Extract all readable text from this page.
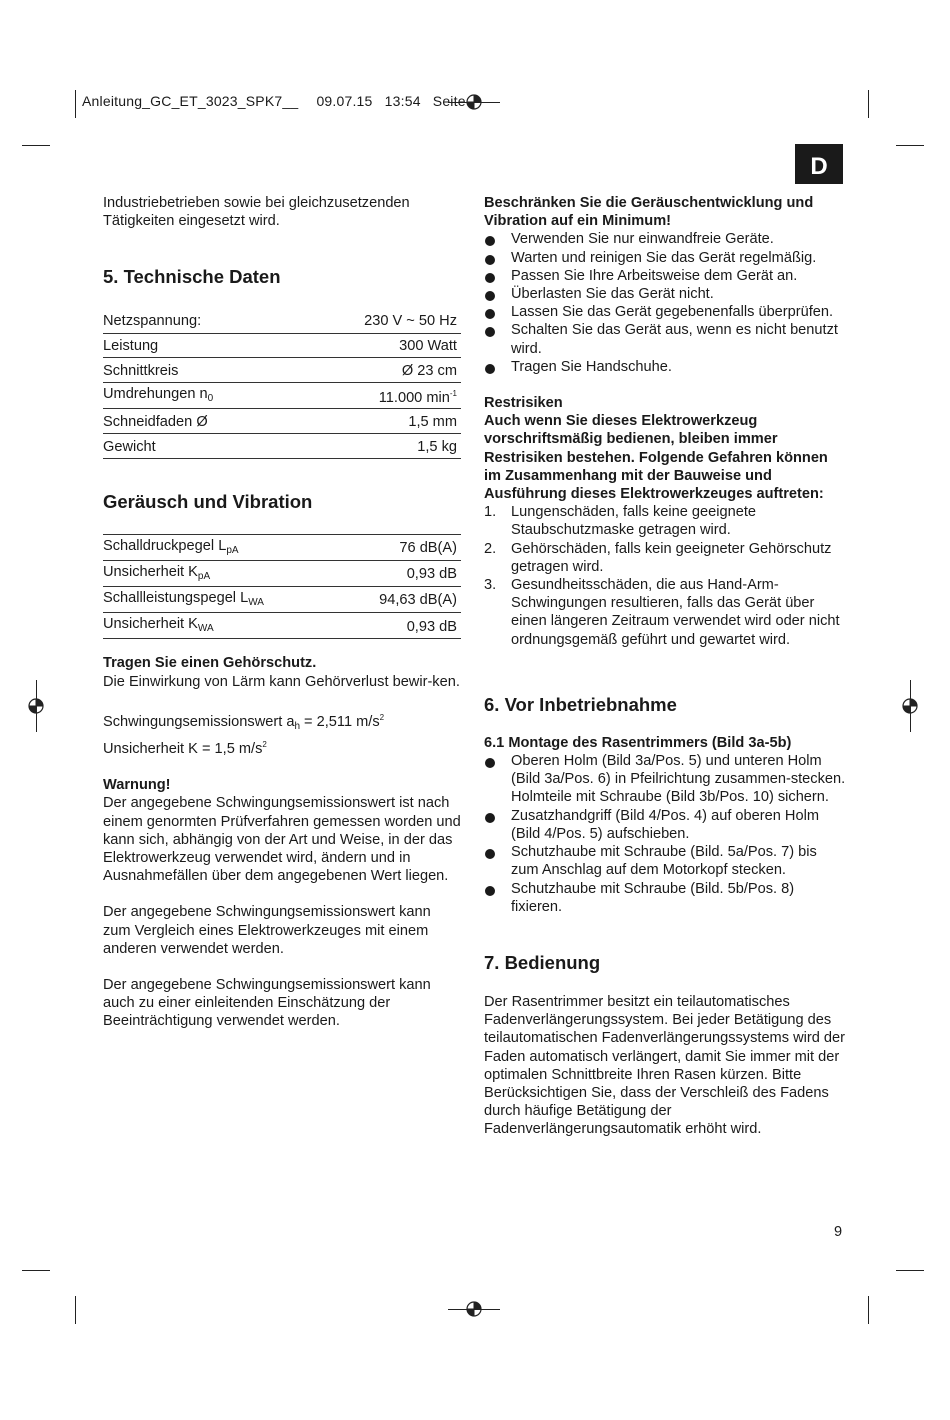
Anleitung_GC_ET_3023_SPK7__ 09.07.15 13:54 Seite
D

Industriebetrieben sowie bei gleichzusetzenden Tätigkeiten eingesetzt wird.

5. Technische Daten
Netzspannung:	230 V ~ 50 Hz
Leistung	300 Watt
Schnittkreis	Ø 23 cm
Umdrehungen $n_0$	11.000 $\min^{-1}$
Schneidfaden Ø	1,5 mm
Gewicht	1,5 kg
Geräusch und Vibration
Schalldruckpegel $L_{pA}$	76 dB(A)
Unsicherheit $K_{pA}$	0,93 dB
Schallleistungspegel $L_{WA}$	94,63 dB(A)
Unsicherheit $K_{WA}$	0,93 dB

Tragen Sie einen Gehörschutz.

Die Einwirkung von Lärm kann Gehörverlust bewir-ken.

Schwingungsemissionswert $a_h = 2,511$ $m/s^2$

Unsicherheit K = 1,5 $m/s^2$

Warnung!

Der angegebene Schwingungsemissionswert ist nach einem genormten Prüfverfahren gemessen worden und kann sich, abhängig von der Art und Weise, in der das Elektrowerkzeug verwendet wird, ändern und in Ausnahmefällen über dem angegebenen Wert liegen.

Der angegebene Schwingungsemissionswert kann zum Vergleich eines Elektrowerkzeuges mit einem anderen verwendet werden.

Der angegebene Schwingungsemissionswert kann auch zu einer einleitenden Einschätzung der Beeinträchtigung verwendet werden.

Beschränken Sie die Geräuschentwicklung und Vibration auf ein Minimum!

Verwenden Sie nur einwandfreie Geräte.
Warten und reinigen Sie das Gerät regelmäßig.
Passen Sie Ihre Arbeitsweise dem Gerät an.
Überlasten Sie das Gerät nicht.
Lassen Sie das Gerät gegebenenfalls überprüfen.
Schalten Sie das Gerät aus, wenn es nicht benutzt wird.
Tragen Sie Handschuhe.

Restrisiken

Auch wenn Sie dieses Elektrowerkzeug vorschriftsmäßig bedienen, bleiben immer Restrisiken bestehen. Folgende Gefahren können im Zusammenhang mit der Bauweise und Ausführung dieses Elektrowerkzeuges auftreten:

1. Lungenschäden, falls keine geeignete Staubschutzmaske getragen wird.
2. Gehörschäden, falls kein geeigneter Gehörschutz getragen wird.
3. Gesundheitsschäden, die aus Hand-Arm-Schwingungen resultieren, falls das Gerät über einen längeren Zeitraum verwendet wird oder nicht ordnungsgemäß geführt und gewartet wird.
6. Vor Inbetriebnahme

6.1 Montage des Rasentrimmers (Bild 3a-5b)

Oberen Holm (Bild 3a/Pos. 5) und unteren Holm (Bild 3a/Pos. 6) in Pfeilrichtung zusammen-stecken. Holmteile mit Schraube (Bild 3b/Pos. 10) sichern.
Zusatzhandgriff (Bild 4/Pos. 4) auf oberen Holm (Bild 4/Pos. 5) aufschieben.
Schutzhaube mit Schraube (Bild. 5a/Pos. 7) bis zum Anschlag auf dem Motorkopf stecken.
Schutzhaube mit Schraube (Bild. 5b/Pos. 8) fixieren.
7. Bedienung

Der Rasentrimmer besitzt ein teilautomatisches Fadenverlängerungssystem. Bei jeder Betätigung des teilautomatischen Fadenverlängerungssystems wird der Faden automatisch verlängert, damit Sie immer mit der optimalen Schnittbreite Ihren Rasen kürzen. Bitte Berücksichtigen Sie, dass der Verschleiß des Fadens durch häufige Betätigung der Fadenverlängerungsautomatik erhöht wird.

9
